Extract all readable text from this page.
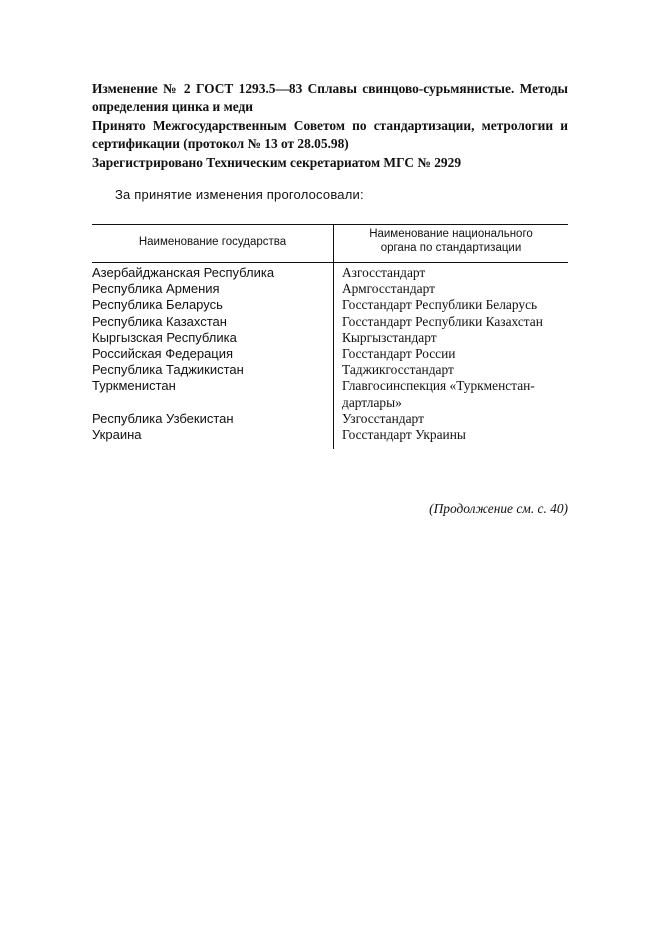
Изменение № 2 ГОСТ 1293.5—83 Сплавы свинцово-сурьмянистые. Методы определения цинка и меди

Принято Межгосударственным Советом по стандартизации, метрологии и сертификации (протокол № 13 от 28.05.98)

Зарегистрировано Техническим секретариатом МГС № 2929

За принятие изменения проголосовали:

Наименование государства

Наименование национального
органа по стандартизации

Азербайджанская Республика
Республика Армения
Республика Беларусь
Республика Казахстан
Кыргызская Республика
Российская Федерация
Республика Таджикистан
Туркменистан
Республика Узбекистан
Украина
Азгосстандарт
Армгосстандарт
Госстандарт Республики Беларусь
Госстандарт Республики Казахстан
Кыргызстандарт
Госстандарт России
Таджикгосстандарт
Главгосинспекция «Туркменстан-дартлары»
Узгосстандарт
Госстандарт Украины

(Продолжение см. с. 40)
